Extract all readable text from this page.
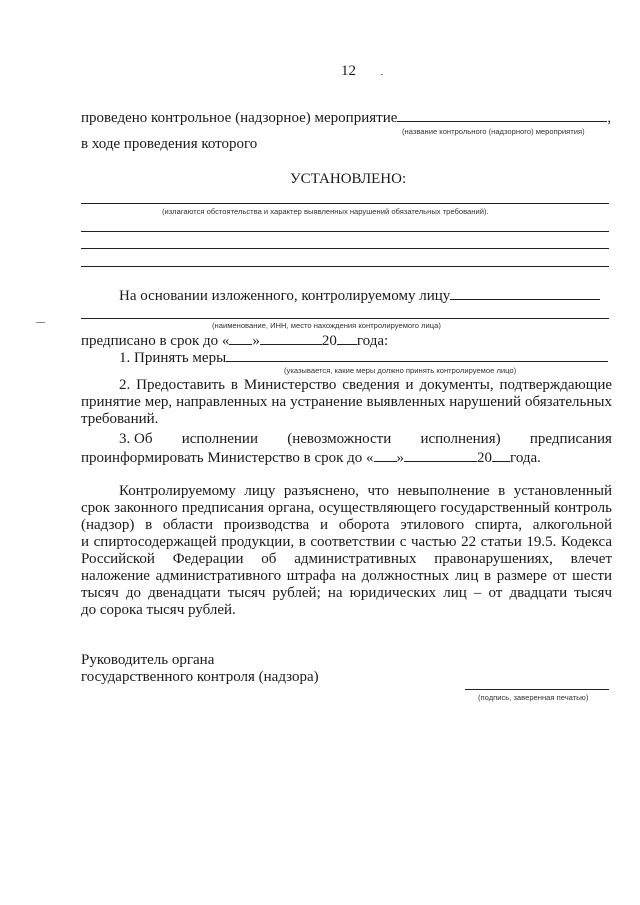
12
проведено контрольное (надзорное) мероприятие	,
(название контрольного (надзорного) мероприятия)
в ходе проведения которого
УСТАНОВЛЕНО:
(излагаются обстоятельства и характер выявленных нарушений обязательных требований).
На основании изложенного, контролируемому лицу
(наименование, ИНН, место нахождения контролируемого лица)
предписано в срок до « »	20 года:
1. Принять меры
(указывается, какие меры должно принять контролируемое лицо)
2. Предоставить в Министерство сведения и документы, подтверждающие
принятие мер, направленных на устранение выявленных нарушений обязательных
требований.
3. Об исполнении (невозможности исполнения) предписания
проинформировать Министерство в срок до « »	20 года.
Контролируемому лицу разъяснено, что невыполнение в установленный
срок законного предписания органа, осуществляющего государственный контроль
(надзор) в области производства и оборота этилового спирта, алкогольной
и спиртосодержащей продукции, в соответствии с частью 22 статьи 19.5. Кодекса
Российской Федерации об административных правонарушениях, влечет
наложение административного штрафа на должностных лиц в размере от шести
тысяч до двенадцати тысяч рублей; на юридических лиц – от двадцати тысяч
до сорока тысяч рублей.
Руководитель органа
государственного контроля (надзора)
(подпись, заверенная печатью)
